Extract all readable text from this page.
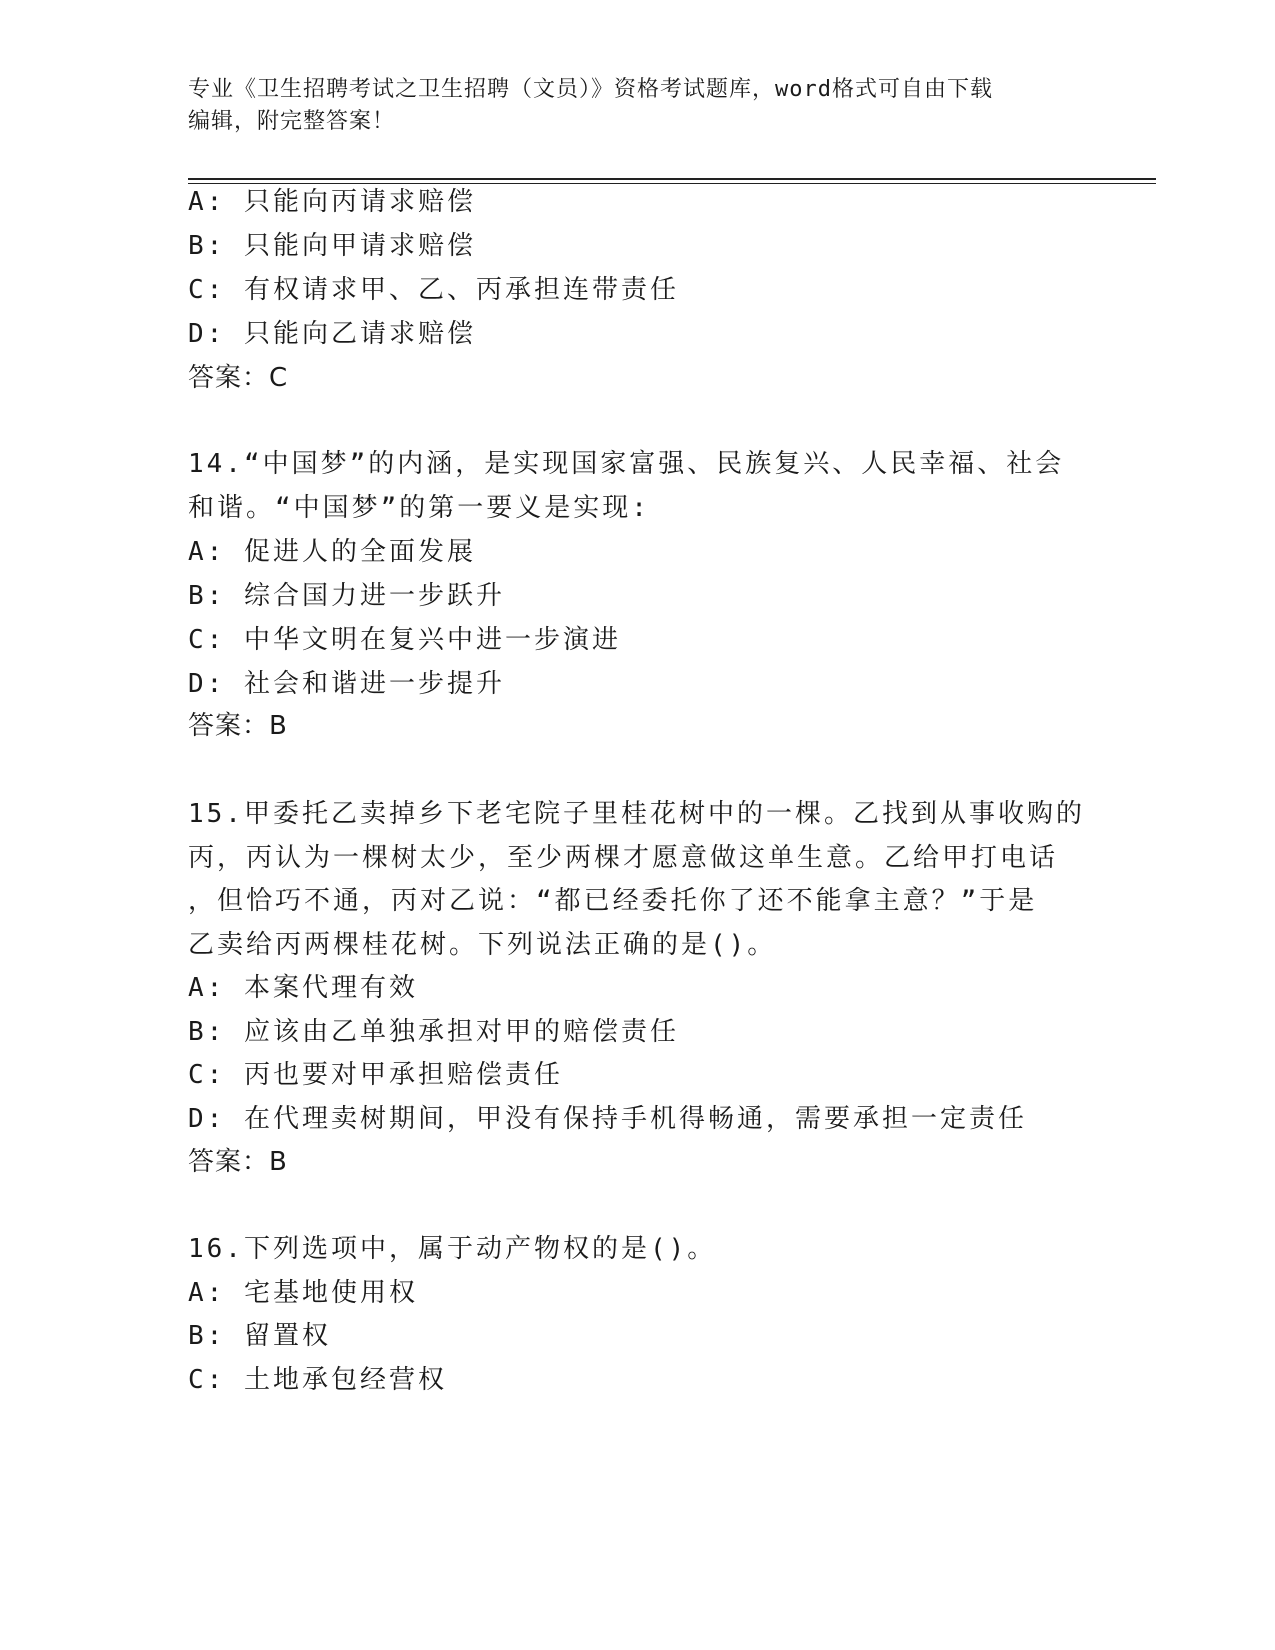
专业《卫生招聘考试之卫生招聘（文员）》资格考试题库，word格式可自由下载
编辑，附完整答案！
A: 只能向丙请求赔偿
B: 只能向甲请求赔偿
C: 有权请求甲、乙、丙承担连带责任
D: 只能向乙请求赔偿
答案：C
14.“中国梦”的内涵，是实现国家富强、民族复兴、人民幸福、社会
和谐。“中国梦”的第一要义是实现:
A: 促进人的全面发展
B: 综合国力进一步跃升
C: 中华文明在复兴中进一步演进
D: 社会和谐进一步提升
答案：B
15.甲委托乙卖掉乡下老宅院子里桂花树中的一棵。乙找到从事收购的
丙，丙认为一棵树太少，至少两棵才愿意做这单生意。乙给甲打电话
，但恰巧不通，丙对乙说：“都已经委托你了还不能拿主意？”于是
乙卖给丙两棵桂花树。下列说法正确的是()。
A: 本案代理有效
B: 应该由乙单独承担对甲的赔偿责任
C: 丙也要对甲承担赔偿责任
D: 在代理卖树期间，甲没有保持手机得畅通，需要承担一定责任
答案：B
16.下列选项中，属于动产物权的是()。
A: 宅基地使用权
B: 留置权
C: 土地承包经营权
